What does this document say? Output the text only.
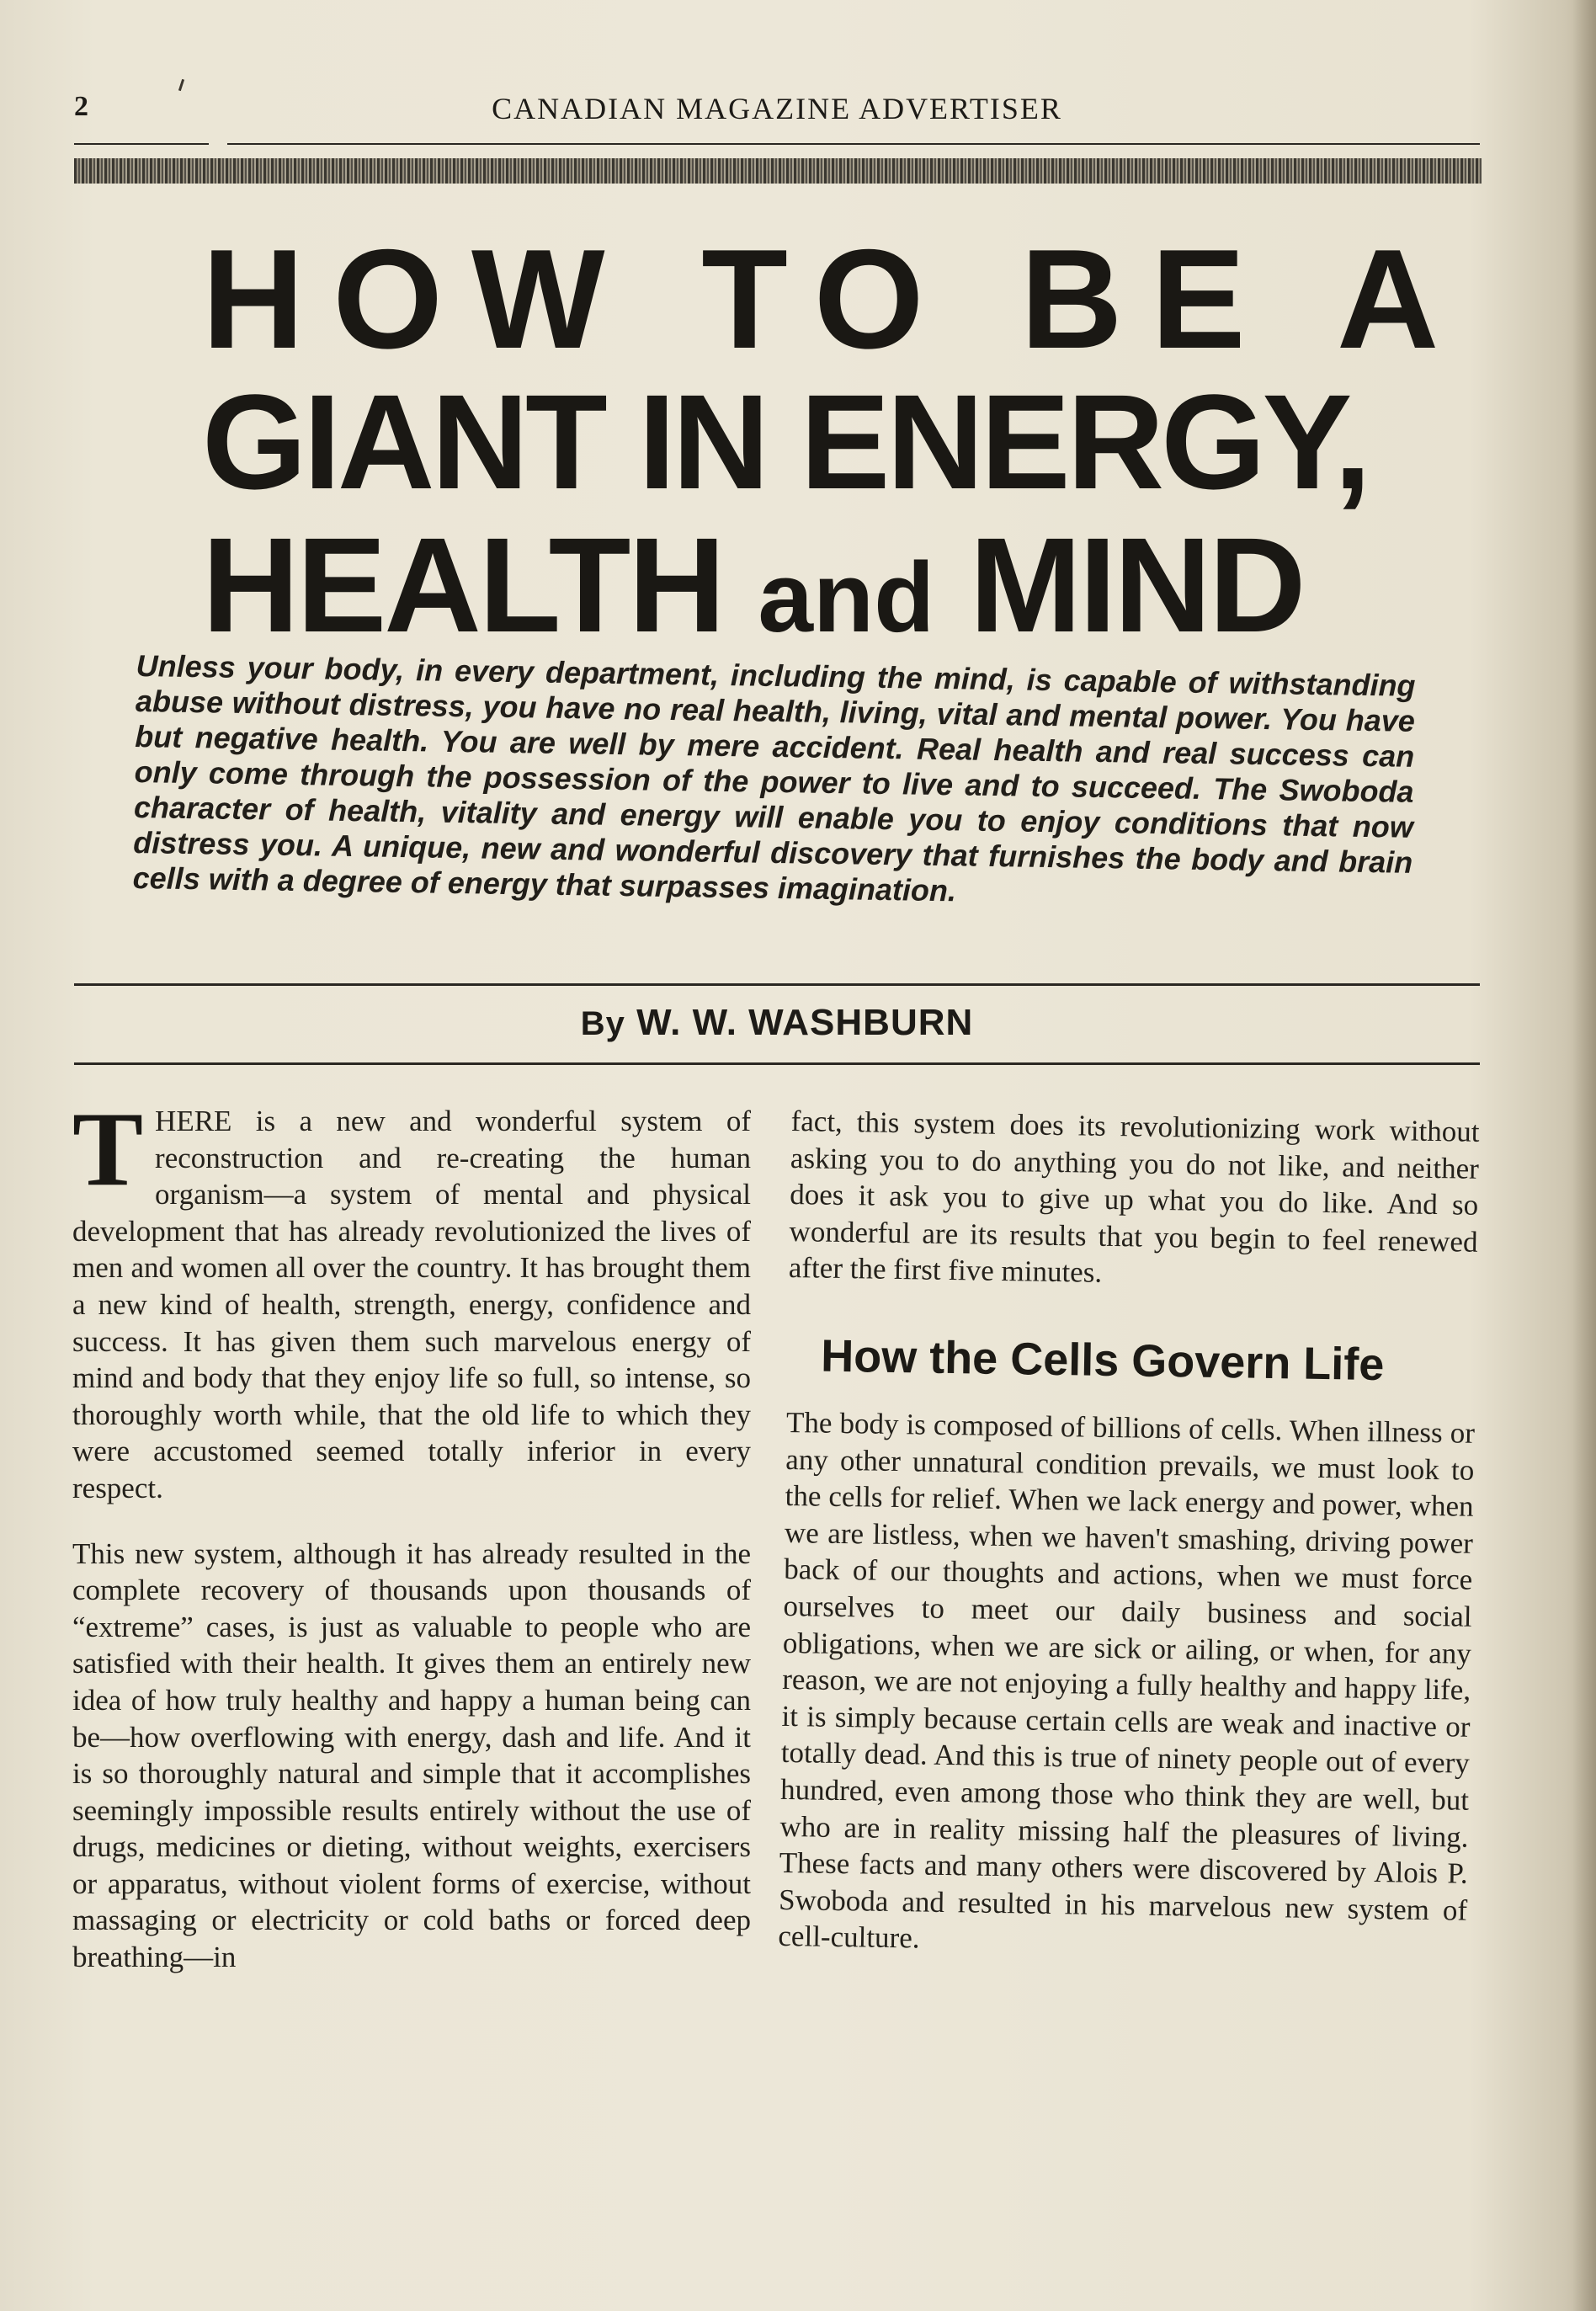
2	CANADIAN MAGAZINE ADVERTISER
HOW TO BE A
GIANT IN ENERGY,
HEALTH and MIND
Unless your body, in every department, including the mind, is capable of withstanding abuse without distress, you have no real health, living, vital and mental power. You have but negative health. You are well by mere accident. Real health and real success can only come through the possession of the power to live and to succeed. The Swoboda character of health, vitality and energy will enable you to enjoy conditions that now distress you. A unique, new and wonderful discovery that furnishes the body and brain cells with a degree of energy that surpasses imagination.
By W. W. WASHBURN

THERE is a new and wonderful system of reconstruction and re-creating the human organism—a system of mental and physical development that has already revolutionized the lives of men and women all over the country. It has brought them a new kind of health, strength, energy, confidence and success. It has given them such marvelous energy of mind and body that they enjoy life so full, so intense, so thoroughly worth while, that the old life to which they were accustomed seemed totally inferior in every respect.

This new system, although it has already resulted in the complete recovery of thousands upon thousands of “extreme” cases, is just as valuable to people who are satisfied with their health. It gives them an entirely new idea of how truly healthy and happy a human being can be—how overflowing with energy, dash and life. And it is so thoroughly natural and simple that it accomplishes seemingly impossible results entirely without the use of drugs, medicines or dieting, without weights, exercisers or apparatus, without violent forms of exercise, without massaging or electricity or cold baths or forced deep breathing—in

fact, this system does its revolutionizing work without asking you to do anything you do not like, and neither does it ask you to give up what you do like. And so wonderful are its results that you begin to feel renewed after the first five minutes.

How the Cells Govern Life

The body is composed of billions of cells. When illness or any other unnatural condition prevails, we must look to the cells for relief. When we lack energy and power, when we are listless, when we haven't smashing, driving power back of our thoughts and actions, when we must force ourselves to meet our daily business and social obligations, when we are sick or ailing, or when, for any reason, we are not enjoying a fully healthy and happy life, it is simply because certain cells are weak and inactive or totally dead. And this is true of ninety people out of every hundred, even among those who think they are well, but who are in reality missing half the pleasures of living. These facts and many others were discovered by Alois P. Swoboda and resulted in his marvelous new system of cell-culture.
